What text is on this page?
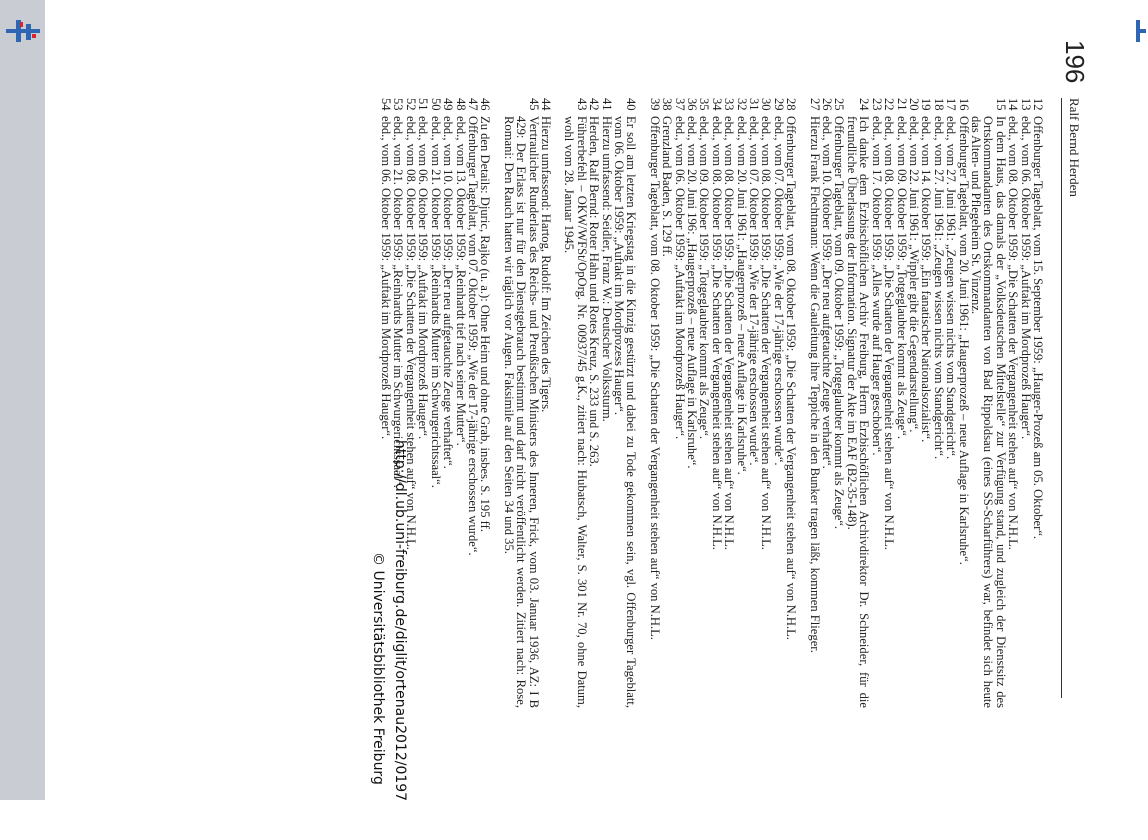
196
Ralf Bernd Herden
12
Offenburger Tageblatt, vom 15. September 1959: „Hauger-Prozeß am 05. Oktober“.
13
ebd., vom 06. Oktober 1959: „Auftakt im Mordprozeß Hauger“.
14
ebd., vom 08. Oktober 1959: „Die Schatten der Vergangenheit stehen auf“ von N.H.L.
15
In dem Haus, das damals der „Volksdeutschen Mittelstelle“ zur Verfügung stand, und zugleich der Dienstsitz des Ortskommandanten des Ortskommandanten von Bad Rippoldsau (eines SS-Scharführers) war, befindet sich heute das Alten- und Pflegeheim St. Vinzenz.
16
Offenburger Tageblatt, vom 20. Juni 1961: „Haugerprozeß – neue Auflage in Karlsruhe“.
17
ebd., vom 27. Juni 1961: „Zeugen wissen nichts vom Standgericht“.
18
ebd., vom 27. Juni 1961: „Zeugen wissen nichts vom Standgericht“.
19
ebd., vom 14. Oktober 1959: „Ein fanatischer Nationalsozialist“.
20
ebd., vom 22. Juni 1961: „Wippler gibt die Gegendarstellung“.
21
ebd., vom 09. Oktober 1959: „Totgeglaubter kommt als Zeuge“.
22
ebd., vom 08. Oktober 1959: „Die Schatten der Vergangenheit stehen auf“ von N.H.L.
23
ebd., vom 17. Oktober 1959: „Alles wurde auf Hauger geschoben“.
24
Ich danke dem Erzbischöflichen Archiv Freiburg, Herrn Erzbischöflichen Archivdirektor Dr. Schneider, für die freundliche Überlassung der Information. Signatur der Akte im EAF (B2-35-148).
25
Offenburger Tageblatt, vom 09. Oktober 1959: „Totgeglaubter kommt als Zeuge“.
26
ebd., vom 10. Oktober 1959: „Der neu aufgetauchte Zeuge verhaftet“.
27
Hierzu Frank Flechtmann: Wenn die Gauleitung ihre Teppiche in den Bunker tragen läßt, kommen Flieger.
28
Offenburger Tageblatt, vom 08. Oktober 1959: „Die Schatten der Vergangenheit stehen auf“ von N.H.L.
29
ebd., vom 07. Oktober 1959: „Wie der 17-jährige erschossen wurde“.
30
ebd., vom 08. Oktober 1959: „Die Schatten der Vergangenheit stehen auf“ von N.H.L.
31
ebd., vom 07. Oktober 1959: „Wie der 17-jährige erschossen wurde“.
32
ebd., vom 20. Juni 1961: „Haugerprozeß – neue Auflage in Karlsruhe“.
33
ebd., vom 08. Oktober 1959: „Die Schatten der Vergangenheit stehen auf“ von N.H.L.
34
ebd., vom 08. Oktober 1959: „Die Schatten der Vergangenheit stehen auf“ von N.H.L.
35
ebd., vom 09. Oktober 1959: „Totgeglaubter kommt als Zeuge“.
36
ebd., vom 20. Juni 196: „Haugerprozeß – neue Auflage in Karlsruhe“.
37
ebd., vom 06. Oktober 1959: „Auftakt im Mordprozeß Hauger“.
38
Grenzland Baden, S. 129 ff.
39
Offenburger Tageblatt, vom 08. Oktober 1959: „Die Schatten der Vergangenheit stehen auf“ von N.H.L.
40
Er soll am letzten Kriegstag in die Kinzig gestürzt und dabei zu Tode gekommen sein, vgl. Offenburger Tageblatt, vom 06. Oktober 1959: „Auftakt im Mordprozess Hauger“.
41
Hierzu umfassend: Seidler, Franz W.: Deutscher Volkssturm.
42
Herden, Ralf Bernd: Roter Hahn und Rotes Kreuz, S. 233 und S. 263.
43
Führerbefehl – OKW/WFSt/OpOrg. Nr. 00937/45 g.K., zitiert nach: Hubatsch, Walter, S. 301 Nr. 70, ohne Datum, wohl vom 28. Januar 1945.
44
Hierzu umfassend: Hartog, Rudolf: Im Zeichen des Tigers.
45
Vertraulicher Runderlass des Reichs- und Preußischen Ministers des Inneren, Frick, vom 03. Januar 1936, AZ: I B 429: Der Erlass ist nur für den Dienstgebrauch bestimmt und darf nicht veröffentlicht werden. Zitiert nach: Rose, Romani: Den Rauch hatten wir täglich vor Augen. Faksimile auf den Seiten 34 und 35.
46
Zu den Details: Djuric, Rajko (u. a.): Ohne Heim und ohne Grab, insbes. S. 195 ff.
47
Offenburger Tageblatt, vom 07. Oktober 1959: „Wie der 17-jährige erschossen wurde“.
48
ebd., vom 13. Oktober 1959: „Reinhardt tief nach seiner Mutter“.
49
ebd., vom 10. Oktober 1959: „Der neu aufgetauchte Zeuge verhaftet“.
50
ebd., vom 21. Oktober 1959: „Reinhardts Mutter im Schwurgerichtssaal“.
51
ebd., vom 06. Oktober 1959: „Auftakt im Mordprozeß Hauger“.
52
ebd., vom 08. Oktober 1959: „Die Schatten der Vergangenheit stehen auf“ von N.H.L.
53
ebd., vom 21. Oktober 1959: „Reinhardts Mutter im Schwurgerichtssaal“.
54
ebd., vom 06. Oktober 1959: „Auftakt im Mordprozeß Hauger“.
http://dl.ub.uni-freiburg.de/diglit/ortenau2012/0197
© Universitätsbibliothek Freiburg
